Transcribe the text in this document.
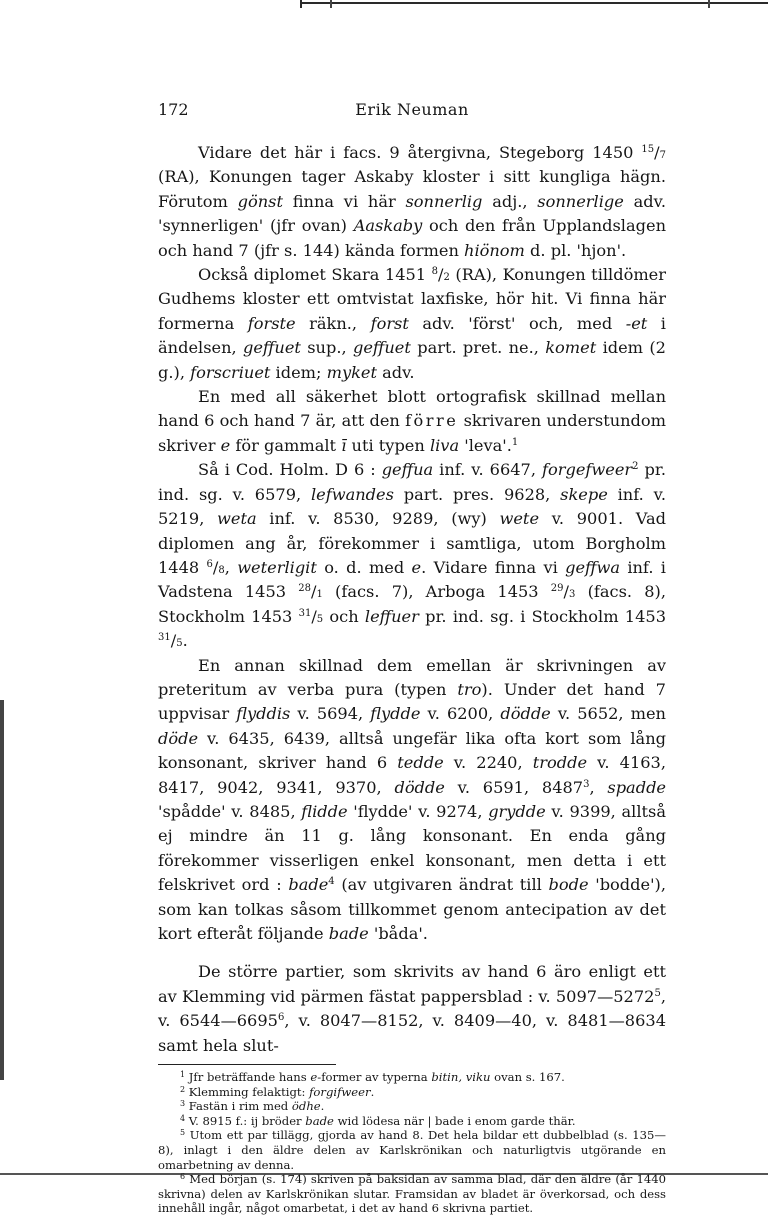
172	Erik Neuman

Vidare det här i facs. 9 återgivna, Stegeborg 1450 $^{15}$/7 (RA), Konungen tager Askaby kloster i sitt kungliga hägn. Förutom gönst finna vi här sonnerlig adj., sonnerlige adv. 'synnerligen' (jfr ovan) Aaskaby och den från Upplandslagen och hand 7 (jfr s. 144) kända formen hiönom d. pl. 'hjon'.

Också diplomet Skara 1451 $^8$/2 (RA), Konungen tilldömer Gudhems kloster ett omtvistat laxfiske, hör hit. Vi finna här formerna forste räkn., forst adv. 'först' och, med -et i ändelsen, geffuet sup., geffuet part. pret. ne., komet idem (2 g.), forscriuet idem; myket adv.

En med all säkerhet blott ortografisk skillnad mellan hand 6 och hand 7 är, att den förre skrivaren understundom skriver e för gammalt ī uti typen liva 'leva'.$^1$

Så i Cod. Holm. D 6 : geffua inf. v. 6647, forgefweer$^2$ pr. ind. sg. v. 6579, lefwandes part. pres. 9628, skepe inf. v. 5219, weta inf. v. 8530, 9289, (wy) wete v. 9001. Vad diplomen ang år, förekommer i samtliga, utom Borgholm 1448 $^6$/8, weterligit o. d. med e. Vidare finna vi geffwa inf. i Vadstena 1453 $^{28}$/1 (facs. 7), Arboga 1453 $^{29}$/3 (facs. 8), Stockholm 1453 $^{31}$/5 och leffuer pr. ind. sg. i Stockholm 1453 $^{31}$/5.

En annan skillnad dem emellan är skrivningen av preteritum av verba pura (typen tro). Under det hand 7 uppvisar flyddis v. 5694, flydde v. 6200, dödde v. 5652, men döde v. 6435, 6439, alltså ungefär lika ofta kort som lång konsonant, skriver hand 6 tedde v. 2240, trodde v. 4163, 8417, 9042, 9341, 9370, dödde v. 6591, 8487$^3$, spadde 'spådde' v. 8485, flidde 'flydde' v. 9274, grydde v. 9399, alltså ej mindre än 11 g. lång konsonant. En enda gång förekommer visserligen enkel konsonant, men detta i ett felskrivet ord : bade$^4$ (av utgivaren ändrat till bode 'bodde'), som kan tolkas såsom tillkommet genom antecipation av det kort efteråt följande bade 'båda'.

De större partier, som skrivits av hand 6 äro enligt ett av Klemming vid pärmen fästat pappersblad : v. 5097—5272$^5$, v. 6544—6695$^6$, v. 8047—8152, v. 8409—40, v. 8481—8634 samt hela slut-

$^1$ Jfr beträffande hans e-former av typerna bitin, viku ovan s. 167.
$^2$ Klemming felaktigt: forgifweer.
$^3$ Fastän i rim med ödhe.
$^4$ V. 8915 f.: ij bröder bade wid lödesa när | bade i enom garde thär.
$^5$ Utom ett par tillägg, gjorda av hand 8. Det hela bildar ett dubbelblad (s. 135—8), inlagt i den äldre delen av Karlskrönikan och naturligtvis utgörande en omarbetning av denna.
$^6$ Med början (s. 174) skriven på baksidan av samma blad, där den äldre (år 1440 skrivna) delen av Karlskrönikan slutar. Framsidan av bladet är överkorsad, och dess innehåll ingår, något omarbetat, i det av hand 6 skrivna partiet.
